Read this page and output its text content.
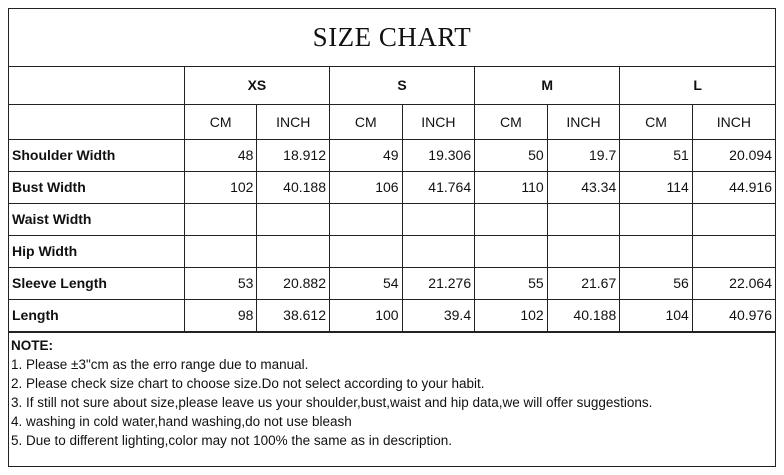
SIZE CHART
	XS		S		M		L	
	CM	INCH	CM	INCH	CM	INCH	CM	INCH
Shoulder Width	48	18.912	49	19.306	50	19.7	51	20.094
Bust Width	102	40.188	106	41.764	110	43.34	114	44.916
Waist Width								
Hip Width								
Sleeve Length	53	20.882	54	21.276	55	21.67	56	22.064
Length	98	38.612	100	39.4	102	40.188	104	40.976
NOTE:
1. Please ±3"cm as the erro range due to manual.
2. Please check size chart to choose size.Do not select according to your habit.
3. If still not sure about size,please leave us your shoulder,bust,waist and hip data,we will offer suggestions.
4. washing in cold water,hand washing,do not use bleash
5. Due to different lighting,color may not 100% the same as in description.
